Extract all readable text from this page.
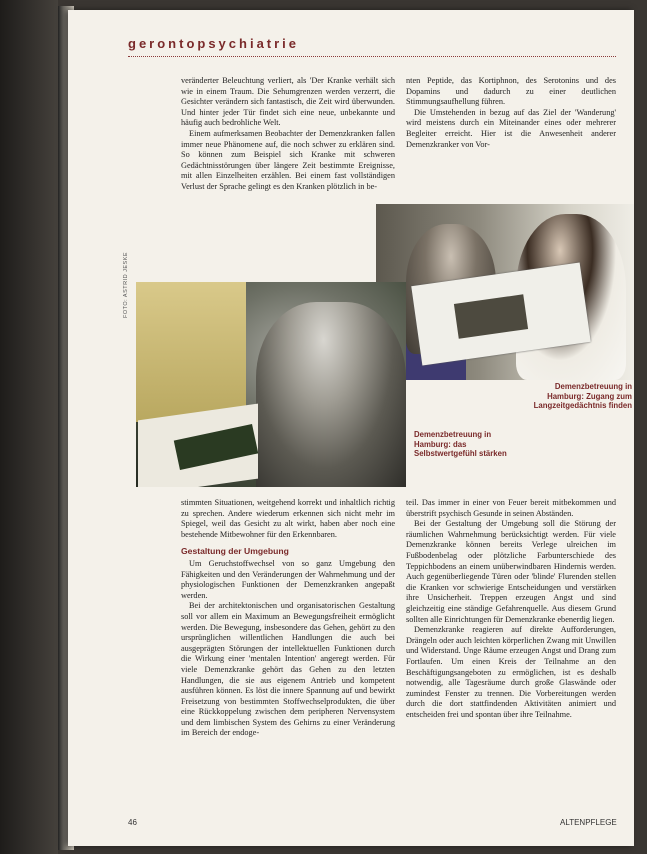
gerontopsychiatrie

veränderter Beleuchtung verliert, als 'Der Kranke verhält sich wie in einem Traum. Die Sehumgrenzen werden verzerrt, die Gesichter verändern sich fantastisch, die Zeit wird überwunden. Und hinter jeder Tür findet sich eine neue, unbekannte und häufig auch bedrohliche Welt.

Einem aufmerksamen Beobachter der Demenzkranken fallen immer neue Phänomene auf, die noch schwer zu erklären sind. So können zum Beispiel sich Kranke mit schweren Gedächtnisstörungen über längere Zeit bestimmte Ereignisse, mit allen Einzelheiten erzählen. Bei einem fast vollständigen Verlust der Sprache gelingt es den Kranken plötzlich in be-

nten Peptide, das Kortiphnon, des Serotonins und des Dopamins und dadurch zu einer deutlichen Stimmungsaufhellung führen.

Die Umstehenden in bezug auf das Ziel der 'Wanderung' wird meistens durch ein Miteinander eines oder mehrerer Begleiter erreicht. Hier ist die Anwesenheit anderer Demenzkranker von Vor-

FOTO: ASTRID JESKE
Demenzbetreuung in Hamburg: Zugang zum Langzeitgedächtnis finden
Demenzbetreuung in Hamburg: das Selbstwertgefühl stärken

stimmten Situationen, weitgehend korrekt und inhaltlich richtig zu sprechen. Andere wiederum erkennen sich nicht mehr im Spiegel, weil das Gesicht zu alt wirkt, haben aber noch eine bestehende Mitbewohner für den Erkennbaren.

Gestaltung der Umgebung

Um Geruchstoffwechsel von so ganz Umgebung den Fähigkeiten und den Veränderungen der Wahrnehmung und der physiologischen Funktionen der Demenzkranken angepaßt werden.

Bei der architektonischen und organisatorischen Gestaltung soll vor allem ein Maximum an Bewegungsfreiheit ermöglicht werden. Die Bewegung, insbesondere das Gehen, gehört zu den ursprünglichen willentlichen Handlungen die auch bei ausgeprägten Störungen der intellektuellen Funktionen durch die Wirkung einer 'mentalen Intention' angeregt werden. Für viele Demenzkranke gehört das Gehen zu den letzten Handlungen, die sie aus eigenem Antrieb und kompetent ausführen können. Es löst die innere Spannung auf und bewirkt Freisetzung von bestimmten Stoffwechselprodukten, die über eine Rückkoppelung zwischen dem peripheren Nervensystem und dem limbischen System des Gehirns zu einer Veränderung im Bereich der endoge-

teil. Das immer in einer von Feuer bereit mitbekommen und überstrift psychisch Gesunde in seinen Abständen.

Bei der Gestaltung der Umgebung soll die Störung der räumlichen Wahrnehmung berücksichtigt werden. Für viele Demenzkranke können bereits Verlege ulreichen im Fußbodenbelag oder plötzliche Farbunterschiede des Teppichbodens an einem unüberwindbaren Hindernis werden. Auch gegenüberliegende Türen oder 'blinde' Flurenden stellen die Kranken vor schwierige Entscheidungen und verstärken ihre Unsicherheit. Treppen erzeugen Angst und sind gleichzeitig eine ständige Gefahrenquelle. Aus diesem Grund sollten alle Einrichtungen für Demenzkranke ebenerdig liegen.

Demenzkranke reagieren auf direkte Aufforderungen, Drängeln oder auch leichten körperlichen Zwang mit Unwillen und Widerstand. Unge Räume erzeugen Angst und Drang zum Fortlaufen. Um einen Kreis der Teilnahme an den Beschäftigungsangeboten zu ermöglichen, ist es deshalb notwendig, alle Tagesräume durch große Glaswände oder zumindest Fenster zu trennen. Die Vorbereitungen werden durch die dort stattfindenden Aktivitäten animiert und entscheiden frei und spontan über ihre Teilnahme.

46	ALTENPFLEGE
